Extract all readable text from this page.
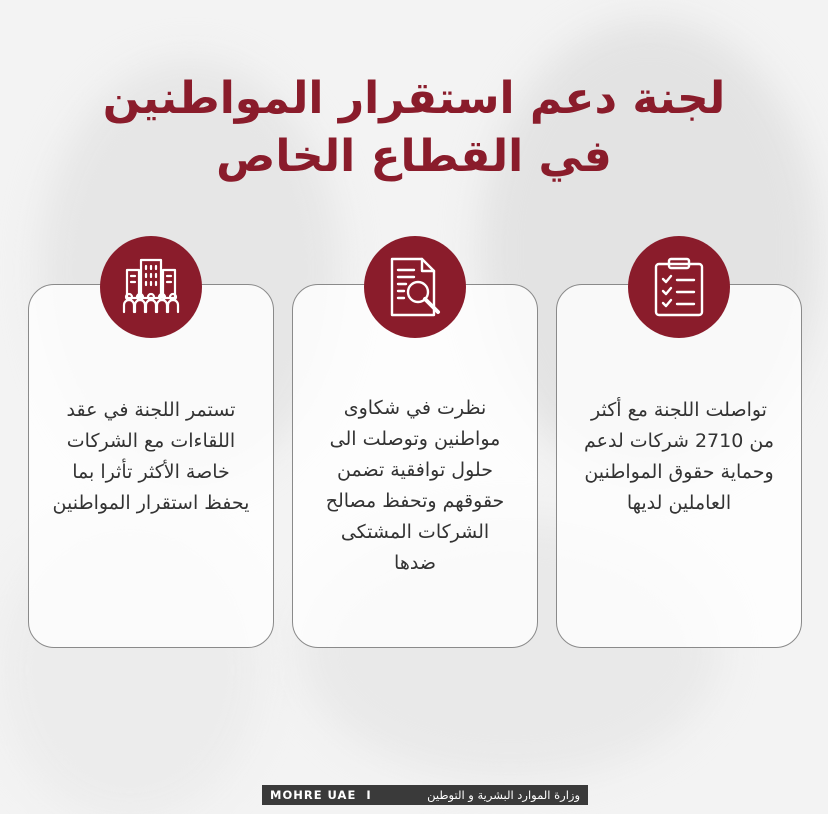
لجنة دعم استقرار المواطنين
في القطاع الخاص
تواصلت اللجنة مع أكثر
من 2710 شركات لدعم
وحماية حقوق المواطنين
العاملين لديها
نظرت في شكاوى
مواطنين وتوصلت الى
حلول توافقية تضمن
حقوقهم وتحفظ مصالح
الشركات المشتكى
ضدها
تستمر اللجنة في عقد
اللقاءات مع الشركات
خاصة الأكثر تأثرا بما
يحفظ استقرار المواطنين
MOHRE UAE I	وزارة الموارد البشرية و التوطين
